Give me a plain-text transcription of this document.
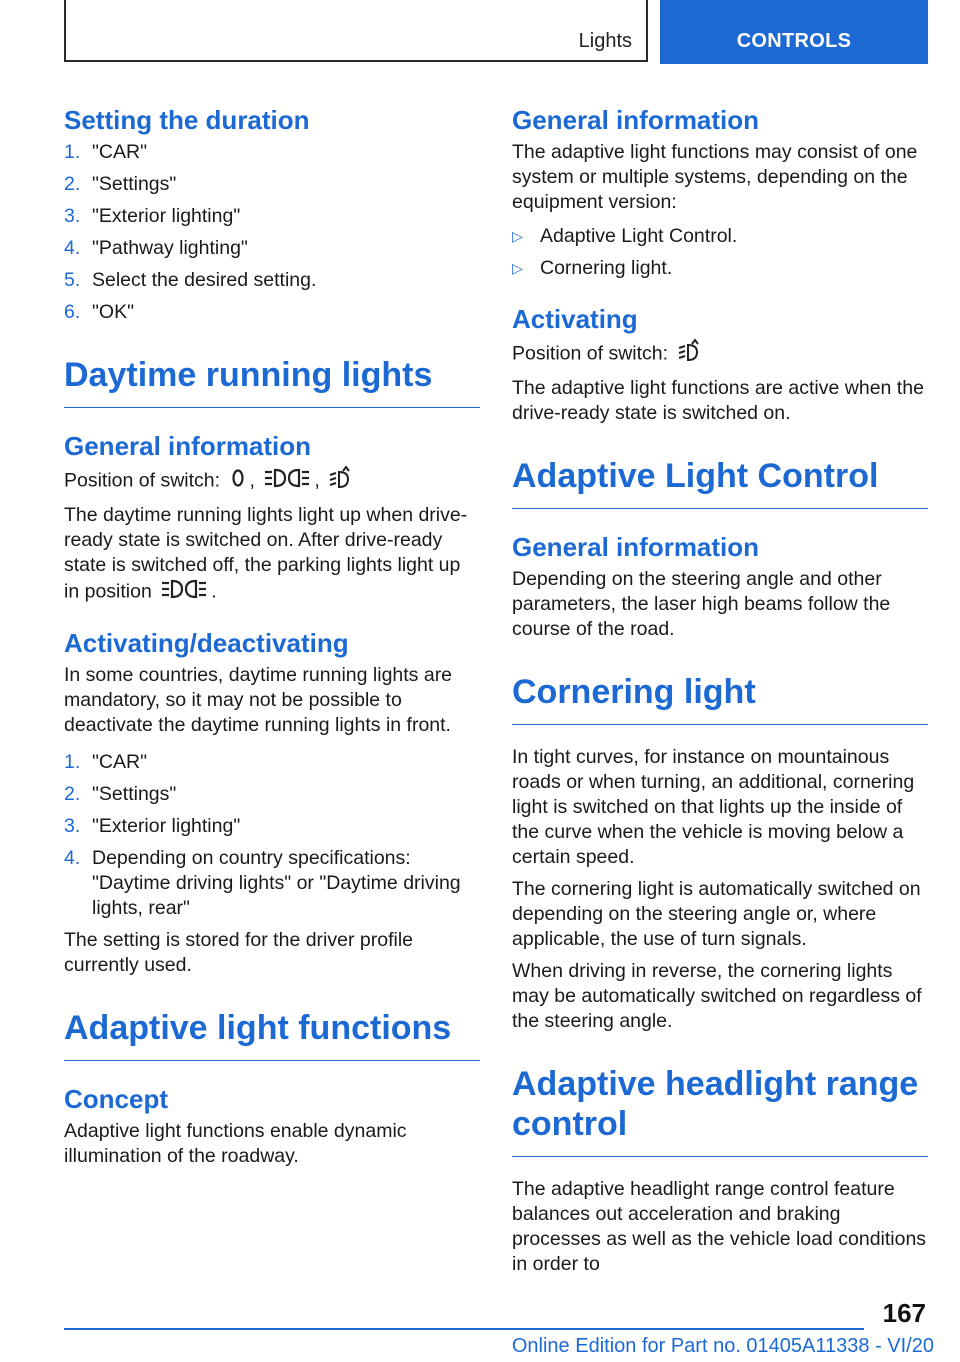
Lights	CONTROLS
Setting the duration
1. "CAR"
2. "Settings"
3. "Exterior lighting"
4. "Pathway lighting"
5. Select the desired setting.
6. "OK"
Daytime running lights
General information

Position of switch: ,	,

The daytime running lights light up when drive-ready state is switched on. After drive-ready state is switched off, the parking lights light up in position	.

Activating/deactivating

In some countries, daytime running lights are mandatory, so it may not be possible to deactivate the daytime running lights in front.

1. "CAR"
2. "Settings"
3. "Exterior lighting"
4. Depending on country specifications: "Daytime driving lights" or "Daytime driving lights, rear"

The setting is stored for the driver profile currently used.

Adaptive light functions
Concept

Adaptive light functions enable dynamic illumination of the roadway.

General information

The adaptive light functions may consist of one system or multiple systems, depending on the equipment version:

▷ Adaptive Light Control.
▷ Cornering light.
Activating

Position of switch:

The adaptive light functions are active when the drive-ready state is switched on.

Adaptive Light Control
General information

Depending on the steering angle and other parameters, the laser high beams follow the course of the road.

Cornering light

In tight curves, for instance on mountainous roads or when turning, an additional, cornering light is switched on that lights up the inside of the curve when the vehicle is moving below a certain speed.

The cornering light is automatically switched on depending on the steering angle or, where applicable, the use of turn signals.

When driving in reverse, the cornering lights may be automatically switched on regardless of the steering angle.

Adaptive headlight range control

The adaptive headlight range control feature balances out acceleration and braking processes as well as the vehicle load conditions in order to

167
Online Edition for Part no. 01405A11338 - VI/20
